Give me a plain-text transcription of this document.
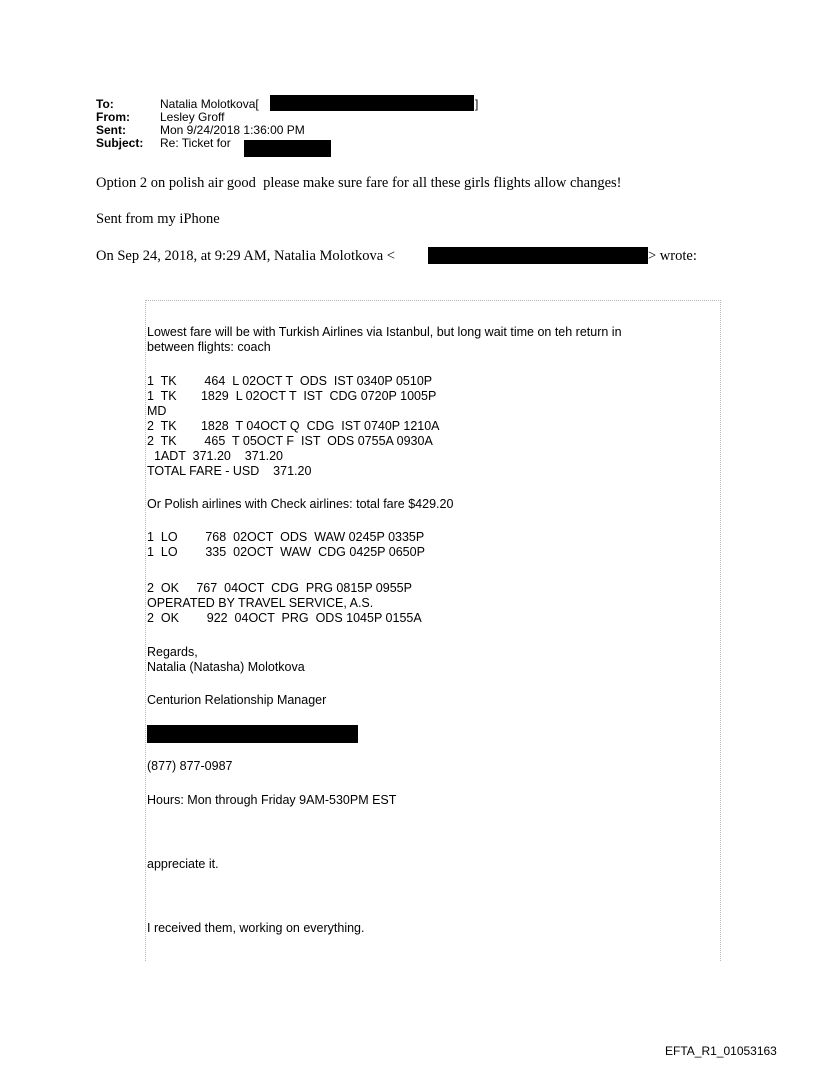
To:	Natalia Molotkova[	]
From:	Lesley Groff
Sent:	Mon 9/24/2018 1:36:00 PM
Subject: Re: Ticket for
Option 2 on polish air good  please make sure fare for all these girls flights allow changes!
Sent from my iPhone
On Sep 24, 2018, at 9:29 AM, Natalia Molotkova <	> wrote:
Lowest fare will be with Turkish Airlines via Istanbul, but long wait time on teh return in
between flights: coach
1  TK        464  L 02OCT T  ODS  IST 0340P 0510P
1  TK       1829  L 02OCT T  IST  CDG 0720P 1005P
MD
2  TK       1828  T 04OCT Q  CDG  IST 0740P 1210A
2  TK        465  T 05OCT F  IST  ODS 0755A 0930A
1ADT  371.20    371.20
TOTAL FARE - USD    371.20
Or Polish airlines with Check airlines: total fare $429.20
1  LO        768  02OCT  ODS  WAW 0245P 0335P
1  LO        335  02OCT  WAW  CDG 0425P 0650P
2  OK     767  04OCT  CDG  PRG 0815P 0955P
OPERATED BY TRAVEL SERVICE, A.S.
2  OK        922  04OCT  PRG  ODS 1045P 0155A
Regards,
Natalia (Natasha) Molotkova
Centurion Relationship Manager
(877) 877-0987
Hours: Mon through Friday 9AM-530PM EST
appreciate it.
I received them, working on everything.
EFTA_R1_01053163
